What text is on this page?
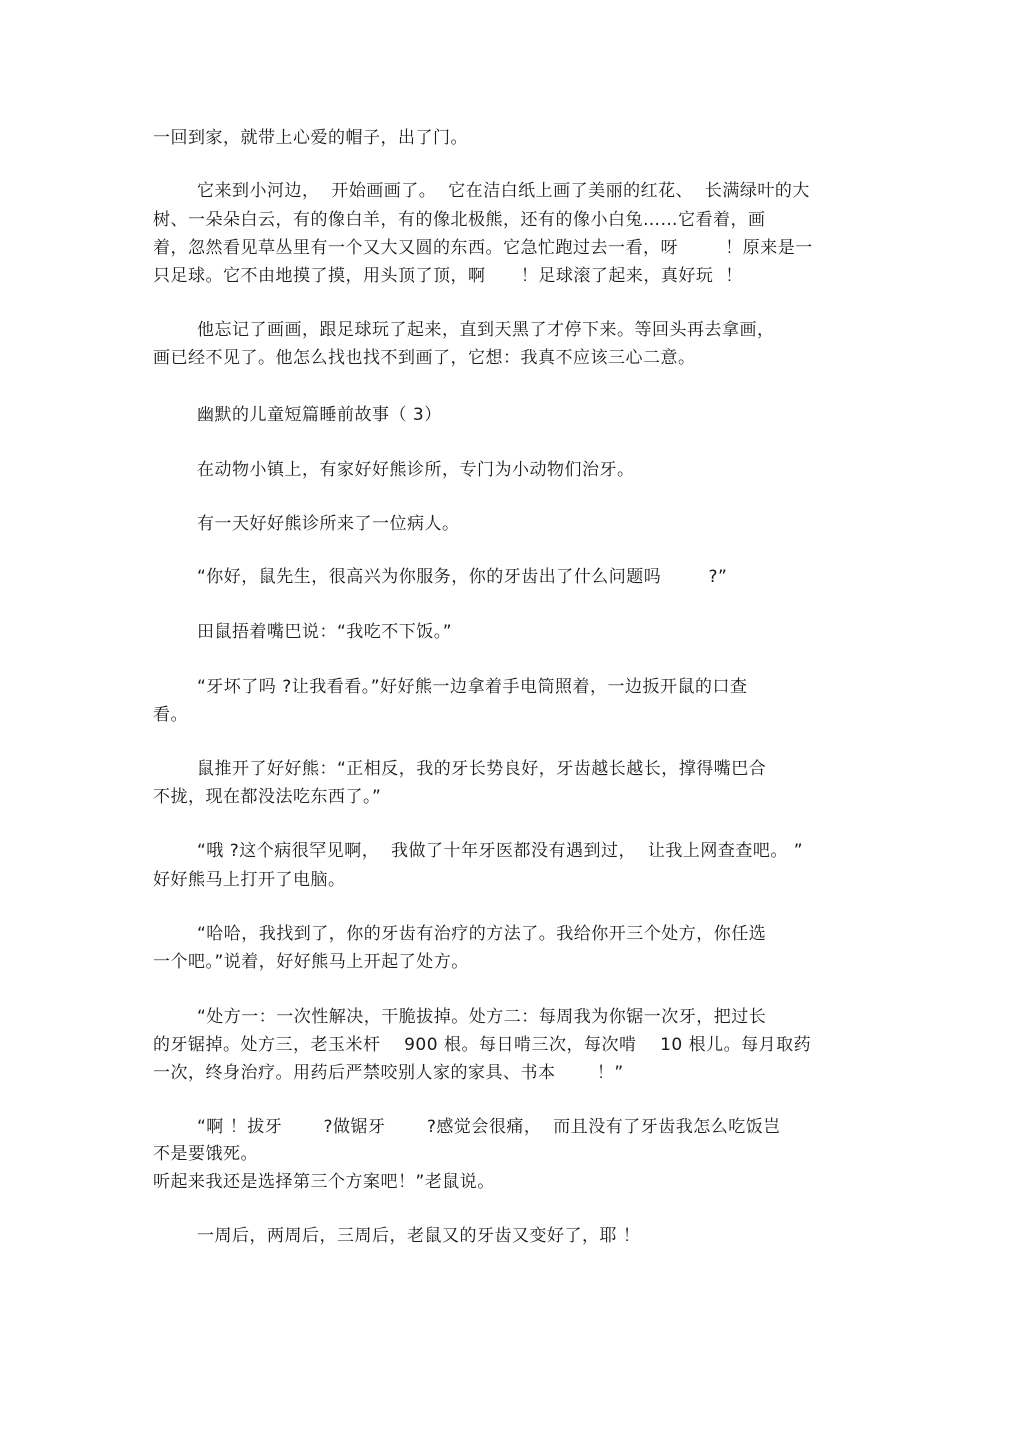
一回到家，就带上心爱的帽子，出了门。
它来到小河边，  开始画画了。  它在洁白纸上画了美丽的红花、  长满绿叶的大
树、一朵朵白云，有的像白羊，有的像北极熊，还有的像小白兔……它看着，画
着，忽然看见草丛里有一个又大又圆的东西。它急忙跑过去一看，呀        ！原来是一
只足球。它不由地摸了摸，用头顶了顶，啊      ！足球滚了起来，真好玩  ！
他忘记了画画，跟足球玩了起来，直到天黑了才停下来。等回头再去拿画，
画已经不见了。他怎么找也找不到画了，它想：我真不应该三心二意。
幽默的儿童短篇睡前故事（ 3）
在动物小镇上，有家好好熊诊所，专门为小动物们治牙。
有一天好好熊诊所来了一位病人。
“你好，鼠先生，很高兴为你服务，你的牙齿出了什么问题吗        ?”
田鼠捂着嘴巴说：“我吃不下饭。”
“牙坏了吗 ?让我看看。”好好熊一边拿着手电筒照着，一边扳开鼠的口查
看。
鼠推开了好好熊：“正相反，我的牙长势良好，牙齿越长越长，撑得嘴巴合
不拢，现在都没法吃东西了。”
“哦 ?这个病很罕见啊，  我做了十年牙医都没有遇到过，  让我上网查查吧。 ”
好好熊马上打开了电脑。
“哈哈，我找到了，你的牙齿有治疗的方法了。我给你开三个处方，你任选
一个吧。”说着，好好熊马上开起了处方。
“处方一：一次性解决，干脆拔掉。处方二：每周我为你锯一次牙，把过长
的牙锯掉。处方三，老玉米杆    900 根。每日啃三次，每次啃    10 根儿。每月取药
一次，终身治疗。用药后严禁咬别人家的家具、书本       ！”
“啊 ！拔牙       ?做锯牙       ?感觉会很痛，  而且没有了牙齿我怎么吃饭岂
不是要饿死。
听起来我还是选择第三个方案吧！”老鼠说。
一周后，两周后，三周后，老鼠又的牙齿又变好了，耶 ！
